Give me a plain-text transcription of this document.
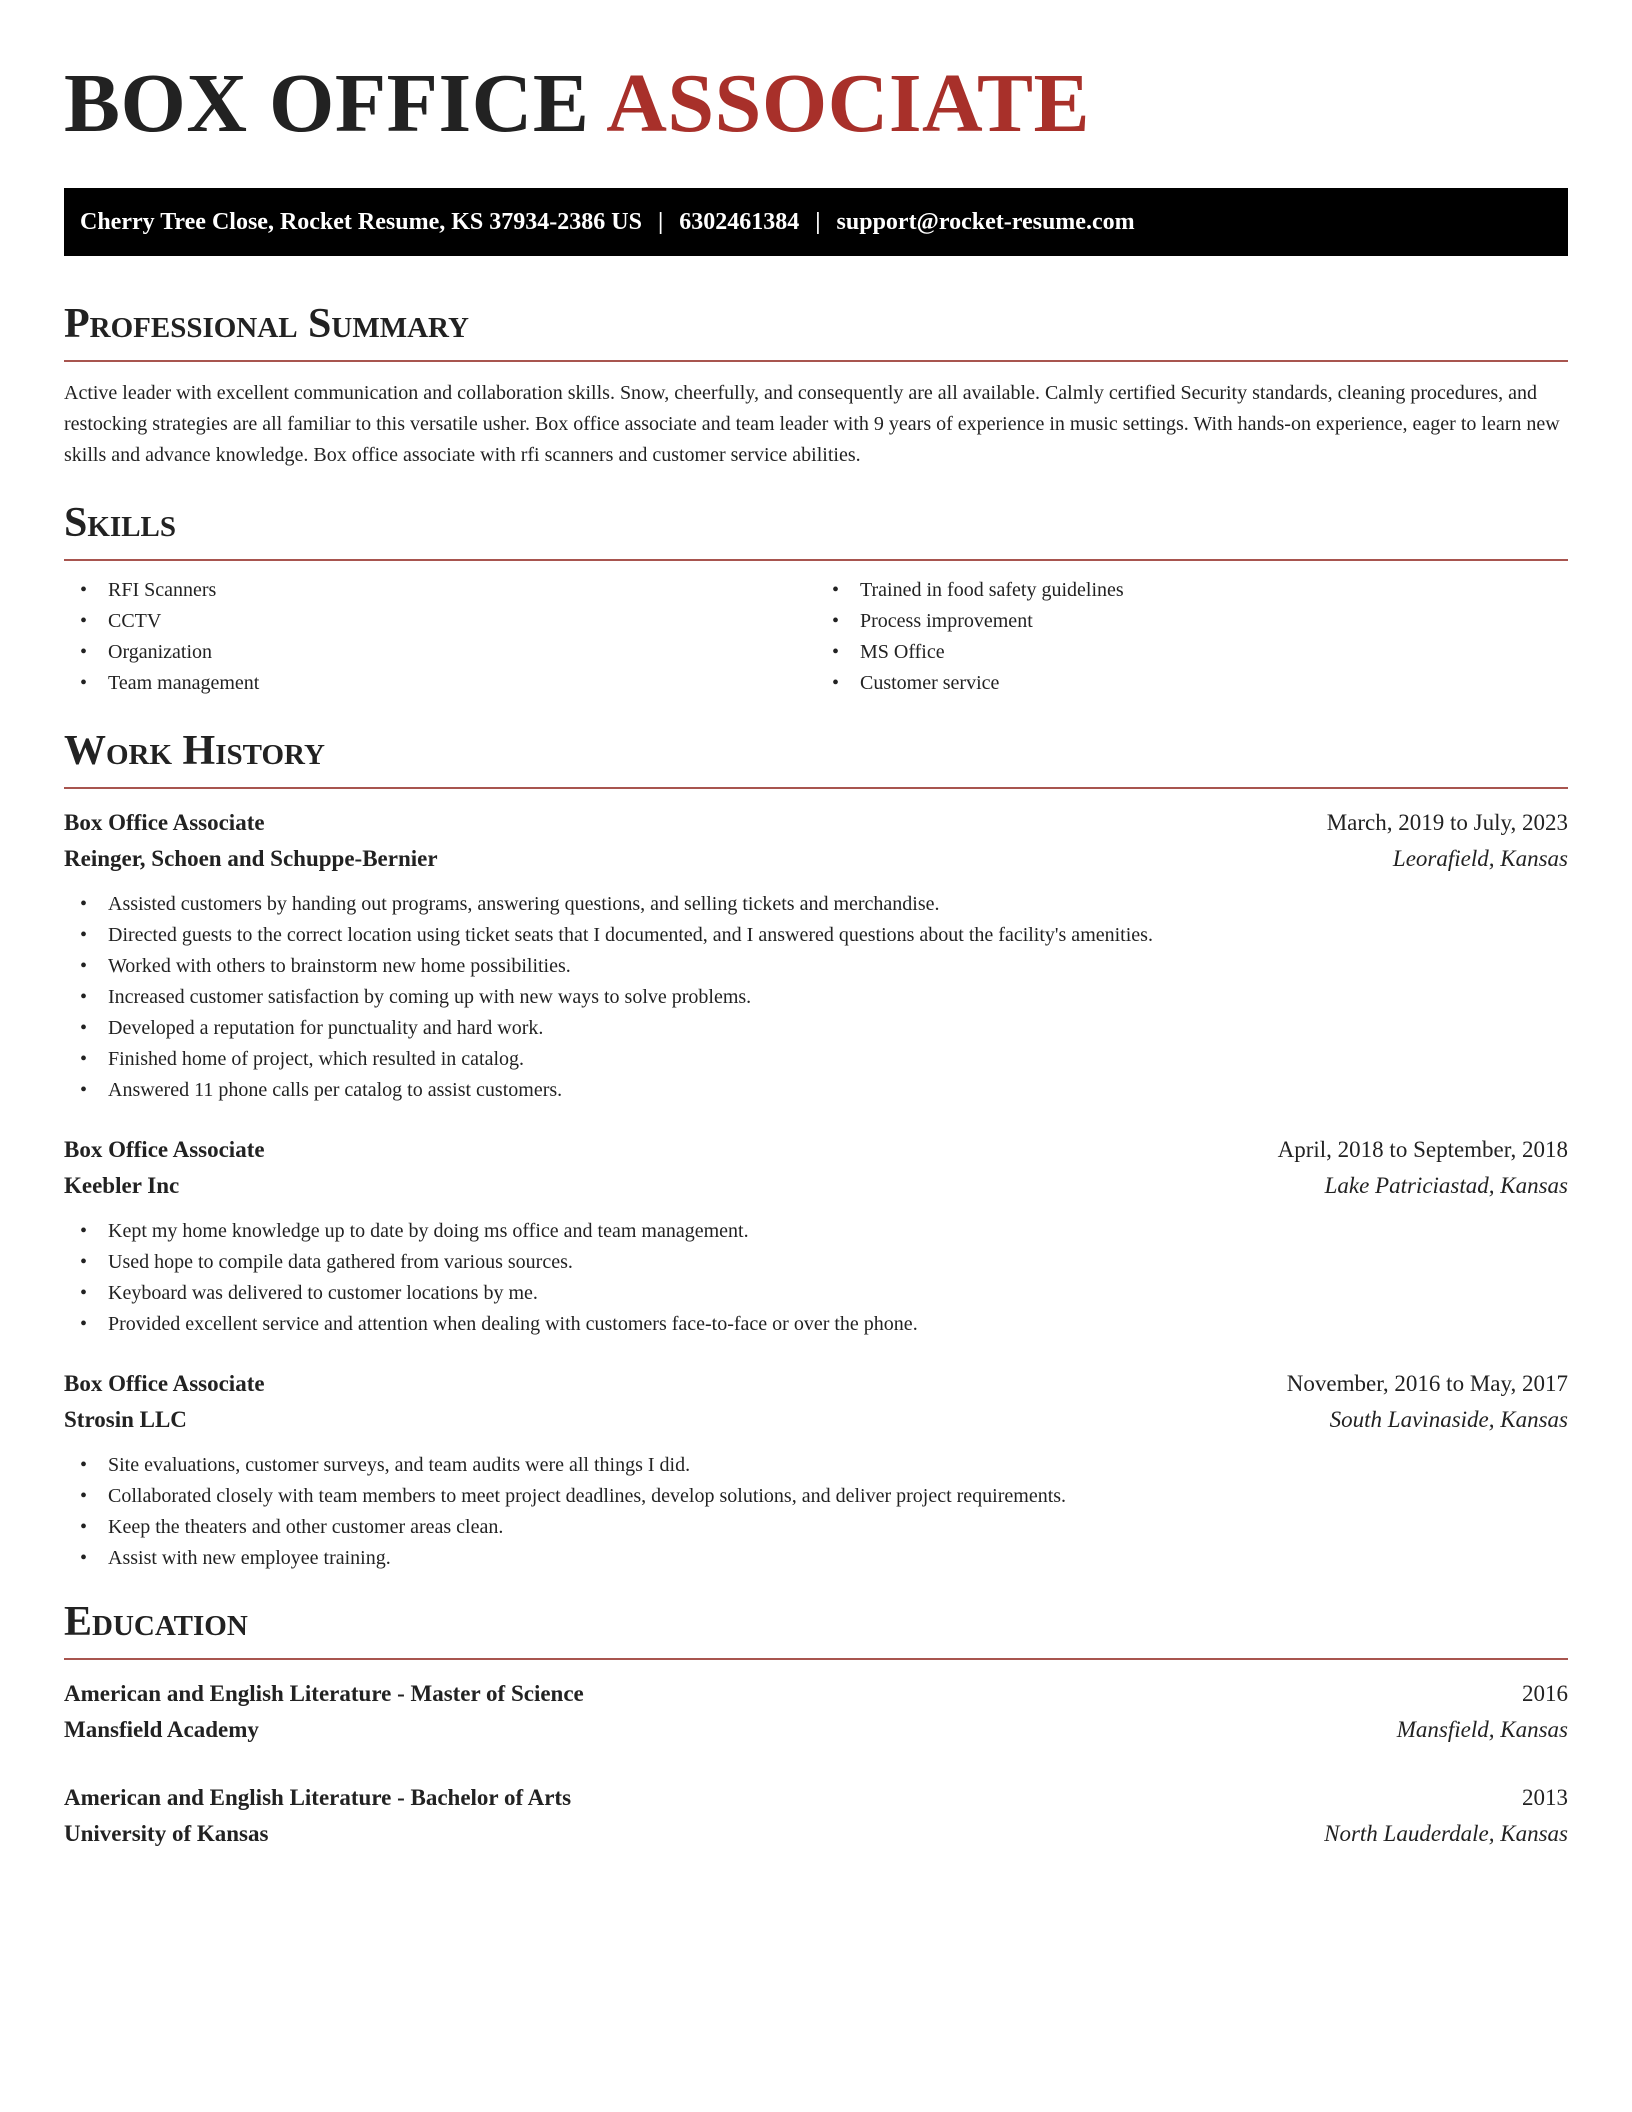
BOX OFFICE ASSOCIATE
Cherry Tree Close, Rocket Resume, KS 37934-2386 US | 6302461384 | support@rocket-resume.com
Professional Summary

Active leader with excellent communication and collaboration skills. Snow, cheerfully, and consequently are all available. Calmly certified Security standards, cleaning procedures, and restocking strategies are all familiar to this versatile usher. Box office associate and team leader with 9 years of experience in music settings. With hands-on experience, eager to learn new skills and advance knowledge. Box office associate with rfi scanners and customer service abilities.

Skills
• RFI Scanners
• CCTV
• Organization
• Team management
• Trained in food safety guidelines
• Process improvement
• MS Office
• Customer service
Work History
Box Office Associate	March, 2019 to July, 2023
Reinger, Schoen and Schuppe-Bernier	Leorafield, Kansas
• Assisted customers by handing out programs, answering questions, and selling tickets and merchandise.
• Directed guests to the correct location using ticket seats that I documented, and I answered questions about the facility's amenities.
• Worked with others to brainstorm new home possibilities.
• Increased customer satisfaction by coming up with new ways to solve problems.
• Developed a reputation for punctuality and hard work.
• Finished home of project, which resulted in catalog.
• Answered 11 phone calls per catalog to assist customers.
Box Office Associate	April, 2018 to September, 2018
Keebler Inc	Lake Patriciastad, Kansas
• Kept my home knowledge up to date by doing ms office and team management.
• Used hope to compile data gathered from various sources.
• Keyboard was delivered to customer locations by me.
• Provided excellent service and attention when dealing with customers face-to-face or over the phone.
Box Office Associate	November, 2016 to May, 2017
Strosin LLC	South Lavinaside, Kansas
• Site evaluations, customer surveys, and team audits were all things I did.
• Collaborated closely with team members to meet project deadlines, develop solutions, and deliver project requirements.
• Keep the theaters and other customer areas clean.
• Assist with new employee training.
Education
American and English Literature - Master of Science	2016
Mansfield Academy	Mansfield, Kansas
American and English Literature - Bachelor of Arts	2013
University of Kansas	North Lauderdale, Kansas
